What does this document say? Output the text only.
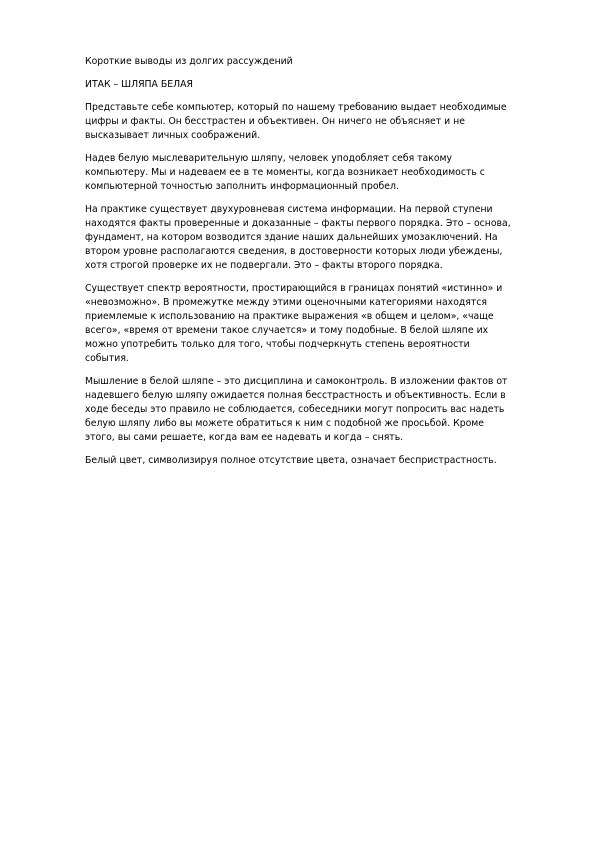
Короткие выводы из долгих рассуждений

ИТАК – ШЛЯПА БЕЛАЯ

Представьте себе компьютер, который по нашему требованию выдает необходимые цифры и факты. Он бесстрастен и объективен. Он ничего не объясняет и не высказывает личных соображений.

Надев белую мыслеварительную шляпу, человек уподобляет себя такому компьютеру. Мы и надеваем ее в те моменты, когда возникает необходимость с компьютерной точностью заполнить информационный пробел.

На практике существует двухуровневая система информации. На первой ступени находятся факты проверенные и доказанные – факты первого порядка. Это – основа, фундамент, на котором возводится здание наших дальнейших умозаключений. На втором уровне располагаются сведения, в достоверности которых люди убеждены, хотя строгой проверке их не подвергали. Это – факты второго порядка.

Существует спектр вероятности, простирающийся в границах понятий «истинно» и «невозможно». В промежутке между этими оценочными категориями находятся приемлемые к использованию на практике выражения «в общем и целом», «чаще всего», «время от времени такое случается» и тому подобные. В белой шляпе их можно употребить только для того, чтобы подчеркнуть степень вероятности события.

Мышление в белой шляпе – это дисциплина и самоконтроль. В изложении фактов от надевшего белую шляпу ожидается полная бесстрастность и объективность. Если в ходе беседы это правило не соблюдается, собеседники могут попросить вас надеть белую шляпу либо вы можете обратиться к ним с подобной же просьбой. Кроме этого, вы сами решаете, когда вам ее надевать и когда – снять.

Белый цвет, символизируя полное отсутствие цвета, означает беспристрастность.
